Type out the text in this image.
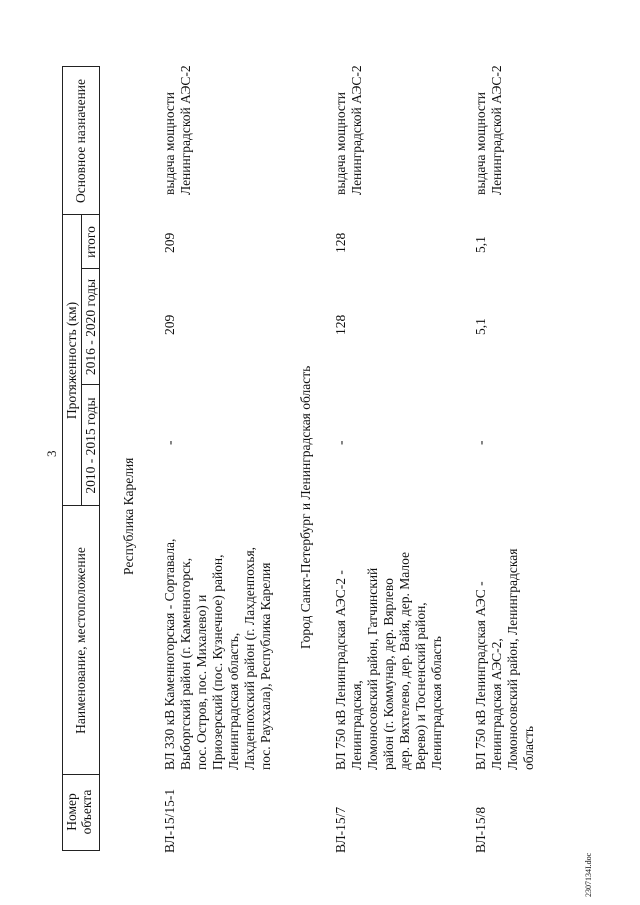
3
Номер объекта
Наименование, местоположение
Протяженность (км)
2010 - 2015 годы
2016 - 2020 годы
итого
Основное назначение
Республика Карелия
ВЛ-15/15-1
ВЛ 330 кВ Каменногорская - Сортавала, Выборгский район (г. Каменногорск, пос. Остров, пос. Михалево) и Приозерский (пос. Кузнечное) район, Ленинградская область, Лахденпохский район (г. Лахденпохья, пос. Рауххала), Республика Карелия
-
209
209
выдача мощности Ленинградской АЭС-2
Город Санкт-Петербург и Ленинградская область
ВЛ-15/7
ВЛ 750 кВ Ленинградская АЭС-2 - Ленинградская, Ломоносовский район, Гатчинский район (г. Коммунар, дер. Вярлево дер. Вяхтелево, дер. Вайя, дер. Малое Верево) и Тосненский район, Ленинградская область
-
128
128
выдача мощности Ленинградской АЭС-2
ВЛ-15/8
ВЛ 750 кВ Ленинградская АЭС - Ленинградская АЭС-2, Ломоносовский район, Ленинградская область
-
5,1
5,1
выдача мощности Ленинградской АЭС-2
2307134I.doc
